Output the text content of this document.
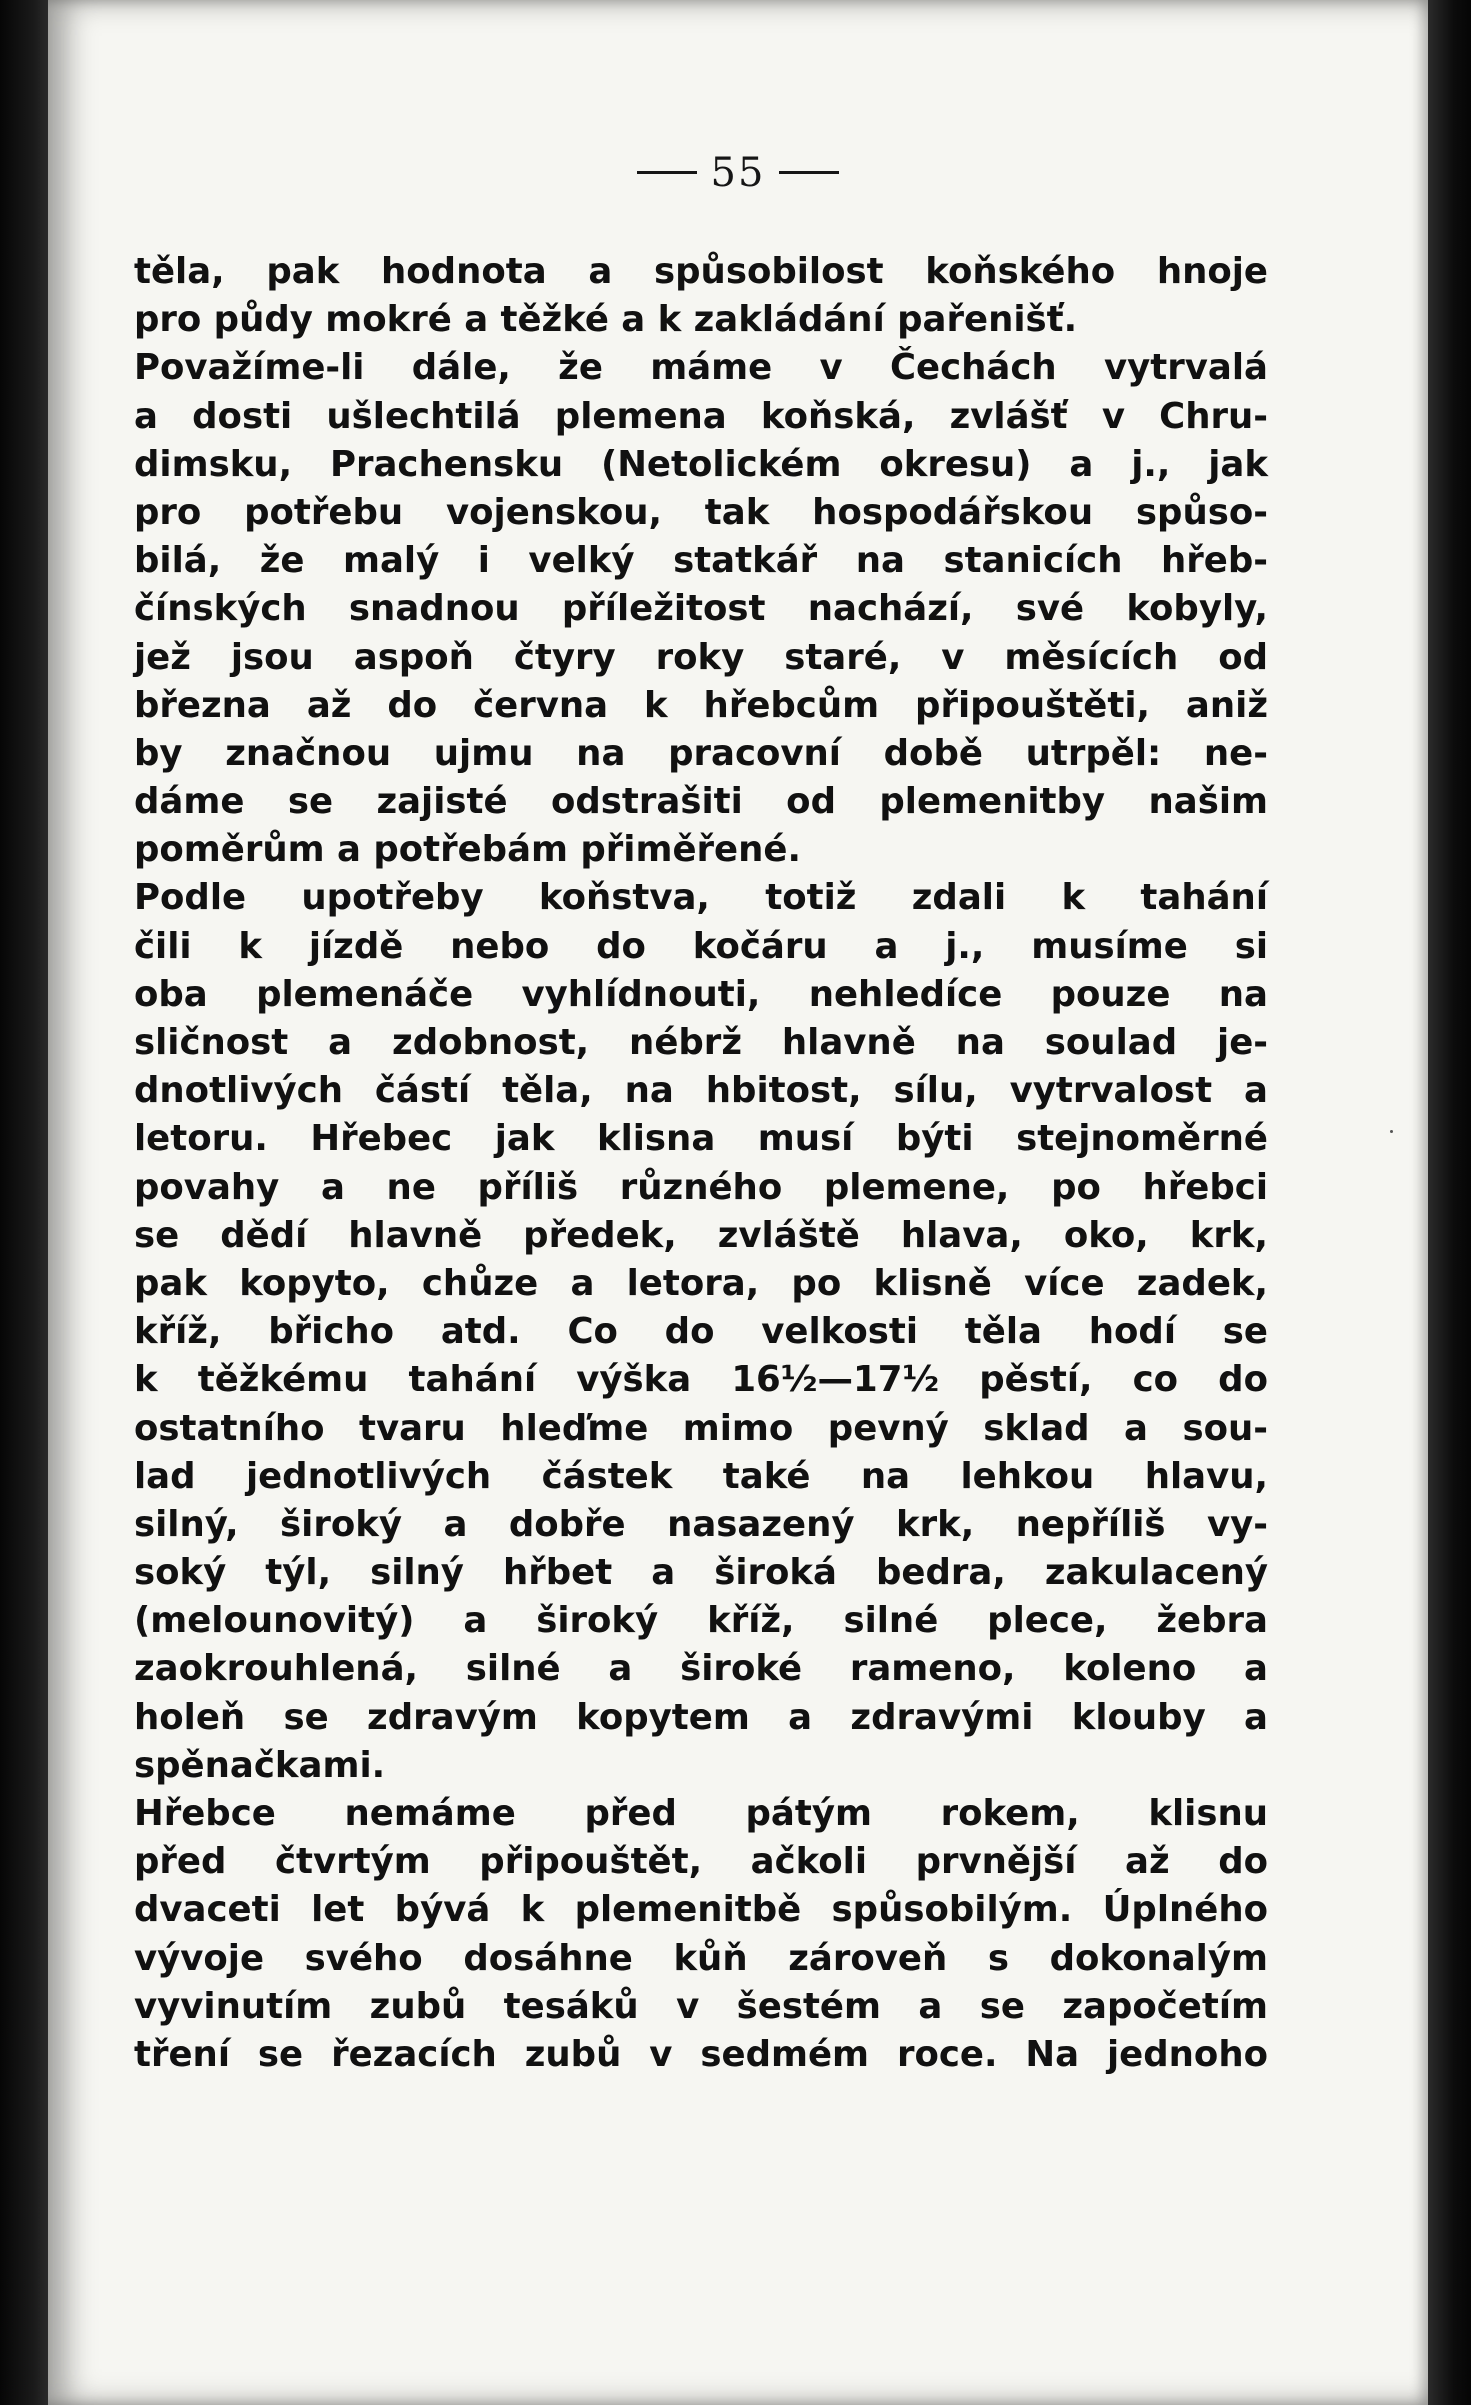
55
těla, pak hodnota a spůsobilost koňského hnoje
pro půdy mokré a těžké a k zakládání pařenišť.
Považíme-li dále, že máme v Čechách vytrvalá
a dosti ušlechtilá plemena koňská, zvlášť v Chru-
dimsku, Prachensku (Netolickém okresu) a j., jak
pro potřebu vojenskou, tak hospodářskou spůso-
bilá, že malý i velký statkář na stanicích hřeb-
čínských snadnou příležitost nachází, své kobyly,
jež jsou aspoň čtyry roky staré, v měsících od
března až do června k hřebcům připouštěti, aniž
by značnou ujmu na pracovní době utrpěl: ne-
dáme se zajisté odstrašiti od plemenitby našim
poměrům a potřebám přiměřené.
Podle upotřeby koňstva, totiž zdali k tahání
čili k jízdě nebo do kočáru a j., musíme si
oba plemenáče vyhlídnouti, nehledíce pouze na
sličnost a zdobnost, nébrž hlavně na soulad je-
dnotlivých částí těla, na hbitost, sílu, vytrvalost a
letoru. Hřebec jak klisna musí býti stejnoměrné
povahy a ne příliš různého plemene, po hřebci
se dědí hlavně předek, zvláště hlava, oko, krk,
pak kopyto, chůze a letora, po klisně více zadek,
kříž, břicho atd. Co do velkosti těla hodí se
k těžkému tahání výška 16½—17½ pěstí, co do
ostatního tvaru hleďme mimo pevný sklad a sou-
lad jednotlivých částek také na lehkou hlavu,
silný, široký a dobře nasazený krk, nepříliš vy-
soký týl, silný hřbet a široká bedra, zakulacený
(melounovitý) a široký kříž, silné plece, žebra
zaokrouhlená, silné a široké rameno, koleno a
holeň se zdravým kopytem a zdravými klouby a
spěnačkami.
Hřebce nemáme před pátým rokem, klisnu
před čtvrtým připouštět, ačkoli prvnější až do
dvaceti let bývá k plemenitbě spůsobilým. Úplného
vývoje svého dosáhne kůň zároveň s dokonalým
vyvinutím zubů tesáků v šestém a se započetím
tření se řezacích zubů v sedmém roce. Na jednoho
